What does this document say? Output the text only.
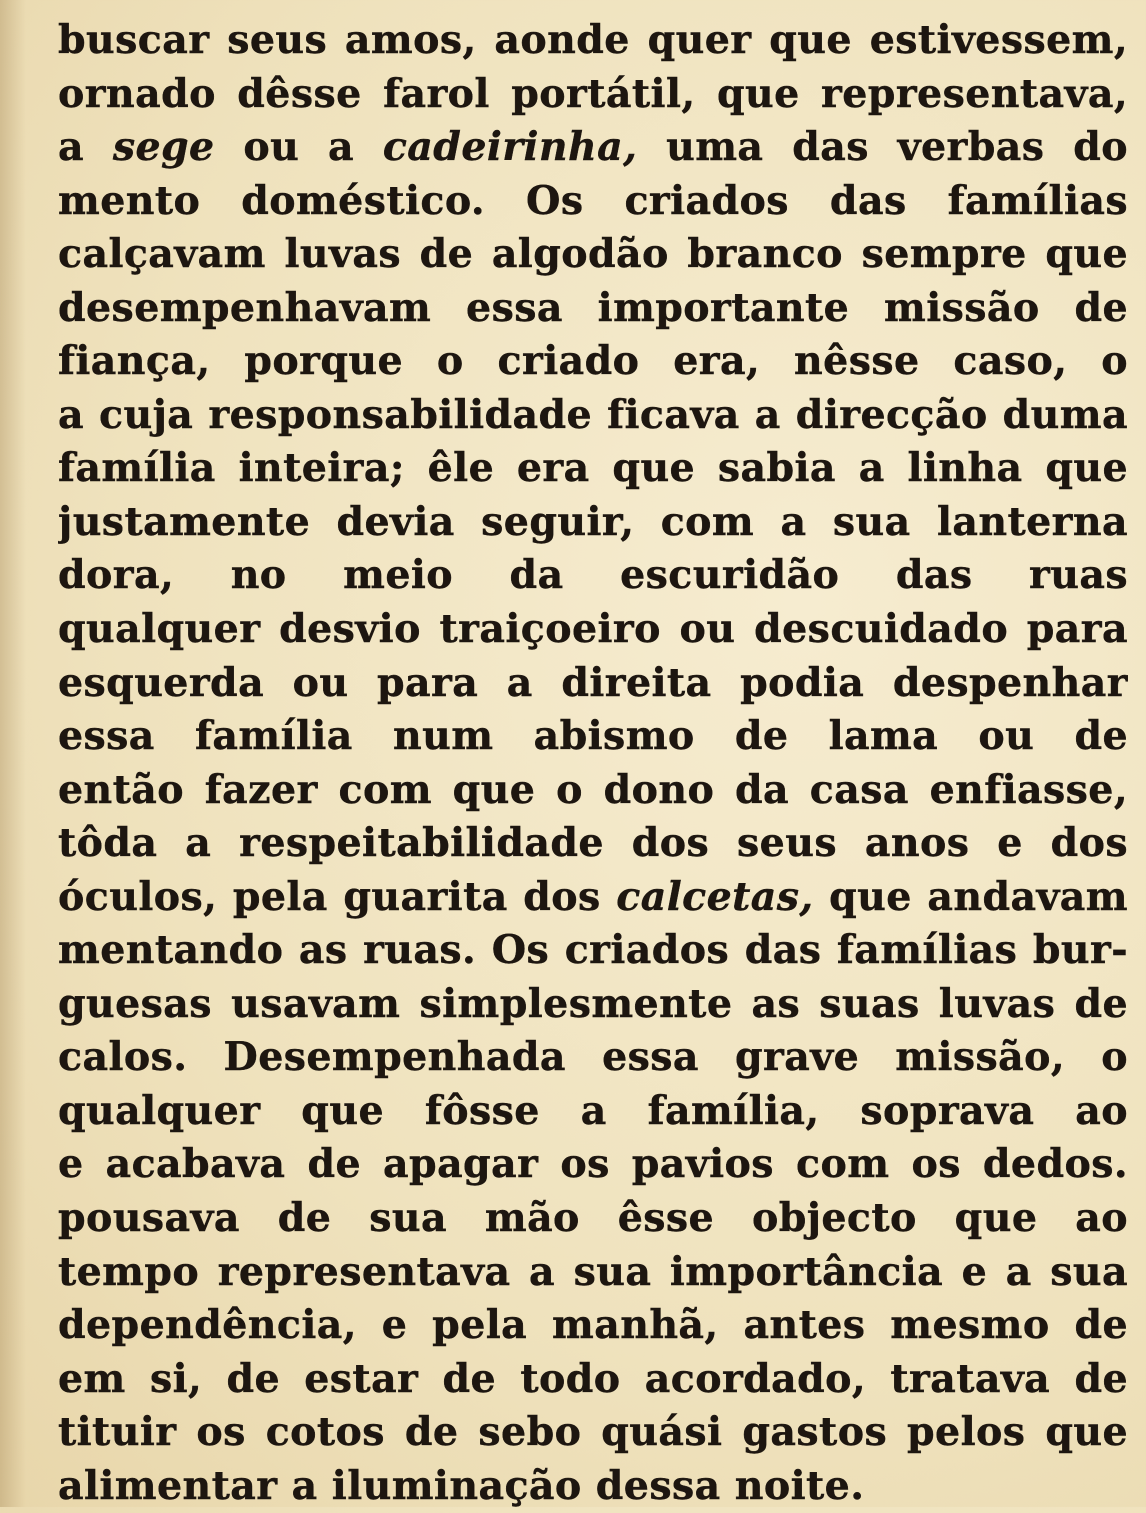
buscar seus amos, aonde quer que estivessem,
ornado dêsse farol portátil, que representava,
a sege ou a cadeirinha, uma das verbas do
mento doméstico. Os criados das famílias
calçavam luvas de algodão branco sempre que
desempenhavam essa importante missão de
fiança, porque o criado era, nêsse caso, o
a cuja responsabilidade ficava a direcção duma
família inteira; êle era que sabia a linha que
justamente devia seguir, com a sua lanterna
dora, no meio da escuridão das ruas
qualquer desvio traiçoeiro ou descuidado para
esquerda ou para a direita podia despenhar
essa família num abismo de lama ou de
então fazer com que o dono da casa enfiasse,
tôda a respeitabilidade dos seus anos e dos
óculos, pela guarita dos calcetas, que andavam
mentando as ruas. Os criados das famílias bur-
guesas usavam simplesmente as suas luvas de
calos. Desempenhada essa grave missão, o
qualquer que fôsse a família, soprava ao
e acabava de apagar os pavios com os dedos.
pousava de sua mão êsse objecto que ao
tempo representava a sua importância e a sua
dependência, e pela manhã, antes mesmo de
em si, de estar de todo acordado, tratava de
tituir os cotos de sebo quási gastos pelos que
alimentar a iluminação dessa noite.
